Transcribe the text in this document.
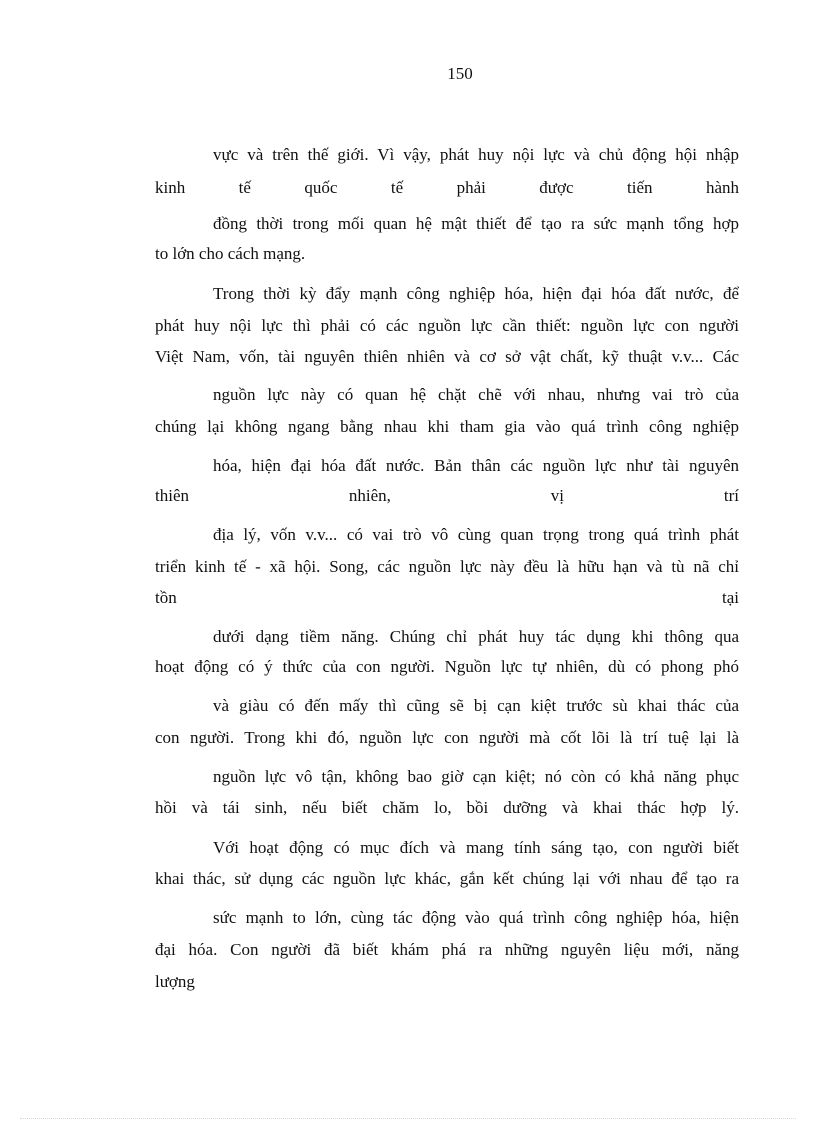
150
vực và trên thế giới. Vì vậy, phát huy nội lực và chủ động hội nhập
kinh tế quốc tế phải được tiến hành
đồng thời trong mối quan hệ mật thiết để tạo ra sức mạnh tổng hợp
to lớn cho cách mạng.
Trong thời kỳ đẩy mạnh công nghiệp hóa, hiện đại hóa đất nước, để
phát huy nội lực thì phải có các nguồn lực cần thiết: nguồn lực con người
Việt Nam, vốn, tài nguyên thiên nhiên và cơ sở vật chất, kỹ thuật v.v... Các
nguồn lực này có quan hệ chặt chẽ với nhau, nhưng vai trò của
chúng lại không ngang bằng nhau khi tham gia vào quá trình công nghiệp
hóa, hiện đại hóa đất nước. Bản thân các nguồn lực như tài nguyên
thiên nhiên, vị trí
địa lý, vốn v.v... có vai trò vô cùng quan trọng trong quá trình phát
triển kinh tế - xã hội. Song, các nguồn lực này đều là hữu hạn và tù nã chỉ
tồn tại
dưới dạng tiềm năng. Chúng chỉ phát huy tác dụng khi thông qua
hoạt động có ý thức của con người. Nguồn lực tự nhiên, dù có phong phó
và giàu có đến mấy thì cũng sẽ bị cạn kiệt trước sù khai thác của
con người. Trong khi đó, nguồn lực con người mà cốt lõi là trí tuệ lại là
nguồn lực vô tận, không bao giờ cạn kiệt; nó còn có khả năng phục
hồi và tái sinh, nếu biết chăm lo, bồi dưỡng và khai thác hợp lý.
Với hoạt động có mục đích và mang tính sáng tạo, con người biết
khai thác, sử dụng các nguồn lực khác, gắn kết chúng lại với nhau để tạo ra
sức mạnh to lớn, cùng tác động vào quá trình công nghiệp hóa, hiện
đại hóa. Con người đã biết khám phá ra những nguyên liệu mới, năng
lượng
